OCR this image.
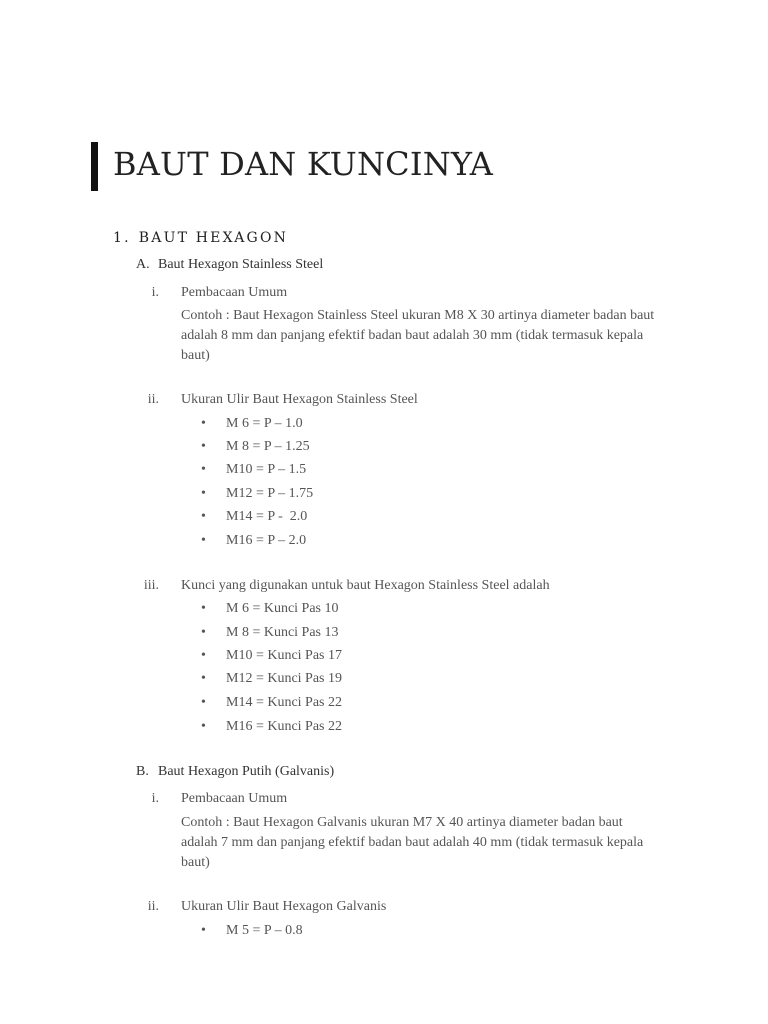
BAUT DAN KUNCINYA
1. BAUT HEXAGON
A. Baut Hexagon Stainless Steel
i. Pembacaan Umum
Contoh : Baut Hexagon Stainless Steel ukuran M8 X 30 artinya diameter badan baut adalah 8 mm dan panjang efektif badan baut adalah 30 mm (tidak termasuk kepala baut)
ii. Ukuran Ulir Baut Hexagon Stainless Steel
• M 6 = P – 1.0
• M 8 = P – 1.25
• M10 = P – 1.5
• M12 = P – 1.75
• M14 = P -  2.0
• M16 = P – 2.0
iii. Kunci yang digunakan untuk baut Hexagon Stainless Steel adalah
• M 6 = Kunci Pas 10
• M 8 = Kunci Pas 13
• M10 = Kunci Pas 17
• M12 = Kunci Pas 19
• M14 = Kunci Pas 22
• M16 = Kunci Pas 22
B. Baut Hexagon Putih (Galvanis)
i. Pembacaan Umum
Contoh : Baut Hexagon Galvanis ukuran M7 X 40 artinya diameter badan baut adalah 7 mm dan panjang efektif badan baut adalah 40 mm (tidak termasuk kepala baut)
ii. Ukuran Ulir Baut Hexagon Galvanis
• M 5 = P – 0.8
